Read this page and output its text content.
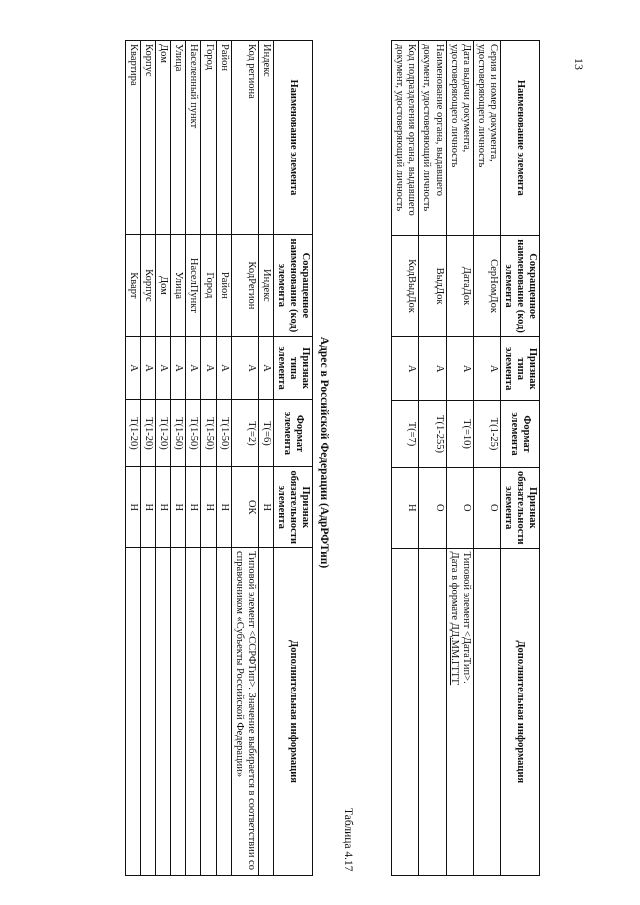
13
Наименование элемента	Сокращенное наименование (код) элемента	Признак типа элемента	Формат элемента	Признак обязательности элемента	Дополнительная информация
Серия и номер документа, удостоверяющего личность	СерНомДок	А	T(1-25)	О	
Дата выдачи документа, удостоверяющего личность	ДатаДок	А	T(=10)	О	Типовой элемент <ДатаТип>.
Дата в формате ДД.ММ.ГГГГ

Наименование органа, выдавшего документ, удостоверяющий личность	ВыдДок	А	T(1-255)	О	
Код подразделения органа, выдавшего документ, удостоверяющий личность	КодВыдДок	А	T(=7)	Н	
Таблица 4.17
Адрес в Российской Федерации (АдрРФТип)
Наименование элемента	Сокращенное наименование (код) элемента	Признак типа элемента	Формат элемента	Признак обязательности элемента	Дополнительная информация
Индекс	Индекс	А	T(=6)	Н	
Код региона	КодРегион	А	T(=2)	ОК	Типовой элемент <ССРФТип>. Значение выбирается в соответствии со справочником «Субъекты Российской Федерации»
Район	Район	А	T(1-50)	Н	
Город	Город	А	T(1-50)	Н	
Населенный пункт	НаселПункт	А	T(1-50)	Н	
Улица	Улица	А	T(1-50)	Н	
Дом	Дом	А	T(1-20)	Н	
Корпус	Корпус	А	T(1-20)	Н	
Квартира	Кварт	А	T(1-20)	Н	
